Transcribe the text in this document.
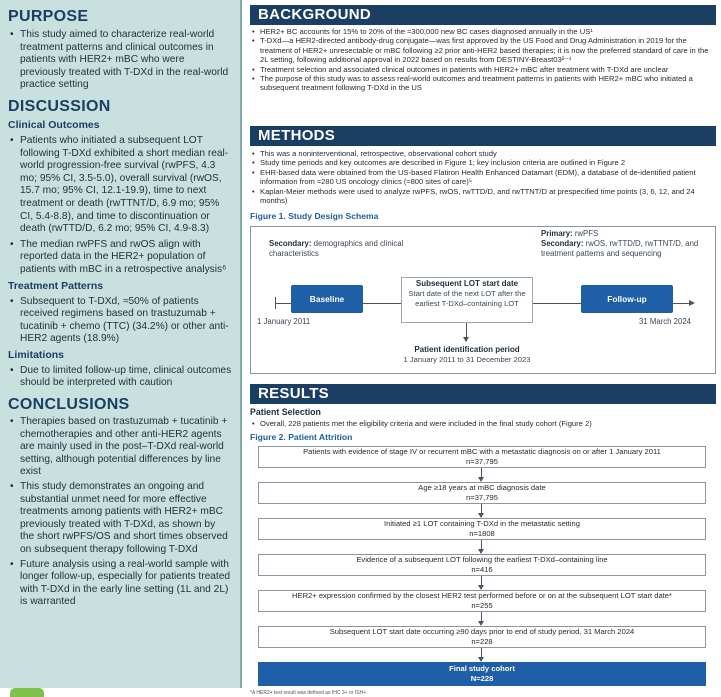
PURPOSE
• This study aimed to characterize real-world treatment patterns and clinical outcomes in patients with HER2+ mBC who were previously treated with T-DXd in the real-world practice setting
DISCUSSION
Clinical Outcomes
• Patients who initiated a subsequent LOT following T-DXd exhibited a short median real-world progression-free survival (rwPFS, 4.3 mo; 95% CI, 3.5-5.0), overall survival (rwOS, 15.7 mo; 95% CI, 12.1-19.9), time to next treatment or death (rwTTNT/D, 6.9 mo; 95% CI, 5.4-8.8), and time to discontinuation or death (rwTTD/D, 6.2 mo; 95% CI, 4.9-8.3)
• The median rwPFS and rwOS align with reported data in the HER2+ population of patients with mBC in a retrospective analysis⁶
Treatment Patterns
• Subsequent to T-DXd, ≈50% of patients received regimens based on trastuzumab + tucatinib + chemo (TTC) (34.2%) or other anti-HER2 agents (18.9%)
Limitations
• Due to limited follow-up time, clinical outcomes should be interpreted with caution
CONCLUSIONS
• Therapies based on trastuzumab + tucatinib + chemotherapies and other anti-HER2 agents are mainly used in the post–T-DXd real-world setting, although potential differences by line exist
• This study demonstrates an ongoing and substantial unmet need for more effective treatments among patients with HER2+ mBC previously treated with T-DXd, as shown by the short rwPFS/OS and short times observed on subsequent therapy following T-DXd
• Future analysis using a real-world sample with longer follow-up, especially for patients treated with T-DXd in the early line setting (1L and 2L) is warranted
BACKGROUND
• HER2+ BC accounts for 15% to 20% of the ≈300,000 new BC cases diagnosed annually in the US¹
• T-DXd—a HER2-directed antibody-drug conjugate—was first approved by the US Food and Drug Administration in 2019 for the treatment of HER2+ unresectable or mBC following ≥2 prior anti-HER2 based therapies; it is now the preferred standard of care in the 2L setting, following additional approval in 2022 based on results from DESTINY-Breast03²⁻⁴
• Treatment selection and associated clinical outcomes in patients with HER2+ mBC after treatment with T-DXd are unclear
• The purpose of this study was to assess real-world outcomes and treatment patterns in patients with HER2+ mBC who initiated a subsequent treatment following T-DXd in the US
METHODS
• This was a noninterventional, retrospective, observational cohort study
• Study time periods and key outcomes are described in Figure 1; key inclusion criteria are outlined in Figure 2
• EHR-based data were obtained from the US-based Flatiron Health Enhanced Datamart (EDM), a database of de-identified patient information from ≈280 US oncology clinics (≈800 sites of care)⁵
• Kaplan-Meier methods were used to analyze rwPFS, rwOS, rwTTD/D, and rwTTNT/D at prespecified time points (3, 6, 12, and 24 months)
Figure 1. Study Design Schema
Primary: rwPFS
Secondary: rwOS, rwTTD/D, rwTTNT/D, and treatment patterns and sequencing
Secondary: demographics and clinical characteristics
Baseline	Follow-up
Subsequent LOT start date
Start date of the next LOT after the earliest T-DXd–containing LOT
1 January 2011	31 March 2024
Patient identification period
1 January 2011 to 31 December 2023
RESULTS
Patient Selection
• Overall, 228 patients met the eligibility criteria and were included in the final study cohort (Figure 2)
Figure 2. Patient Attrition
Patients with evidence of stage IV or recurrent mBC with a metastatic diagnosis on or after 1 January 2011
n=37,795
Age ≥18 years at mBC diagnosis date
n=37,795
Initiated ≥1 LOT containing T-DXd in the metastatic setting
n=1808
Evidence of a subsequent LOT following the earliest T-DXd–containing line
n=416
HER2+ expression confirmed by the closest HER2 test performed before or on at the subsequent LOT start date*
n=255
Subsequent LOT start date occurring ≥90 days prior to end of study period, 31 March 2024
n=228
Final study cohort
N=228
*A HER2+ test result was defined as IHC 3+ or ISH+.
